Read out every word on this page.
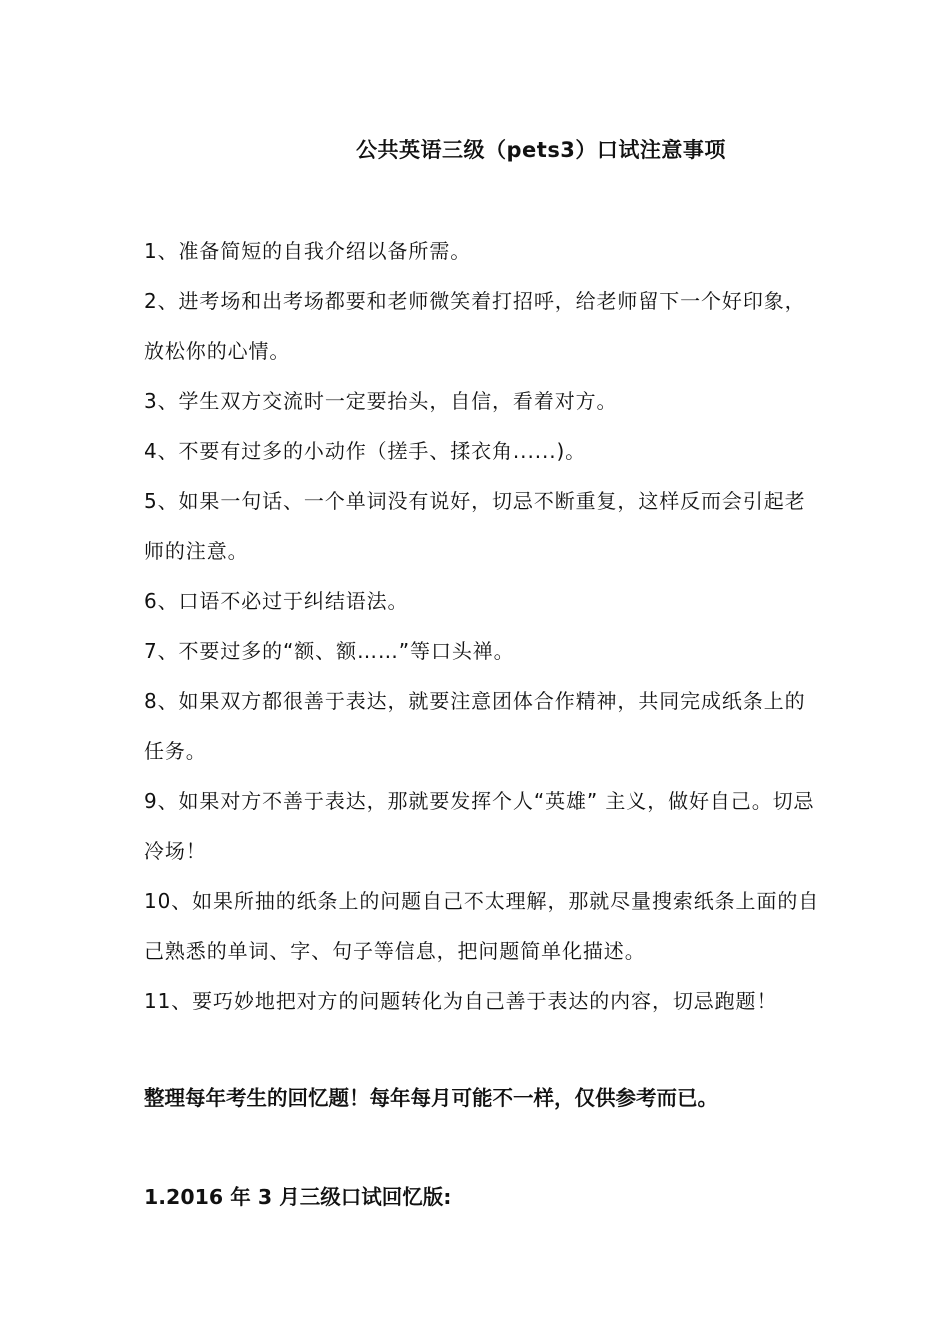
公共英语三级（pets3）口试注意事项

1、准备简短的自我介绍以备所需。

2、进考场和出考场都要和老师微笑着打招呼，给老师留下一个好印象，放松你的心情。

3、学生双方交流时一定要抬头，自信，看着对方。

4、不要有过多的小动作（搓手、揉衣角......)。

5、如果一句话、一个单词没有说好，切忌不断重复，这样反而会引起老师的注意。

6、口语不必过于纠结语法。

7、不要过多的“额、额……”等口头禅。

8、如果双方都很善于表达，就要注意团体合作精神，共同完成纸条上的任务。

9、如果对方不善于表达，那就要发挥个人“英雄” 主义，做好自己。切忌冷场！

10、如果所抽的纸条上的问题自己不太理解，那就尽量搜索纸条上面的自己熟悉的单词、字、句子等信息，把问题简单化描述。

11、要巧妙地把对方的问题转化为自己善于表达的内容，切忌跑题！

整理每年考生的回忆题！每年每月可能不一样，仅供参考而已。
1.2016 年 3 月三级口试回忆版:
